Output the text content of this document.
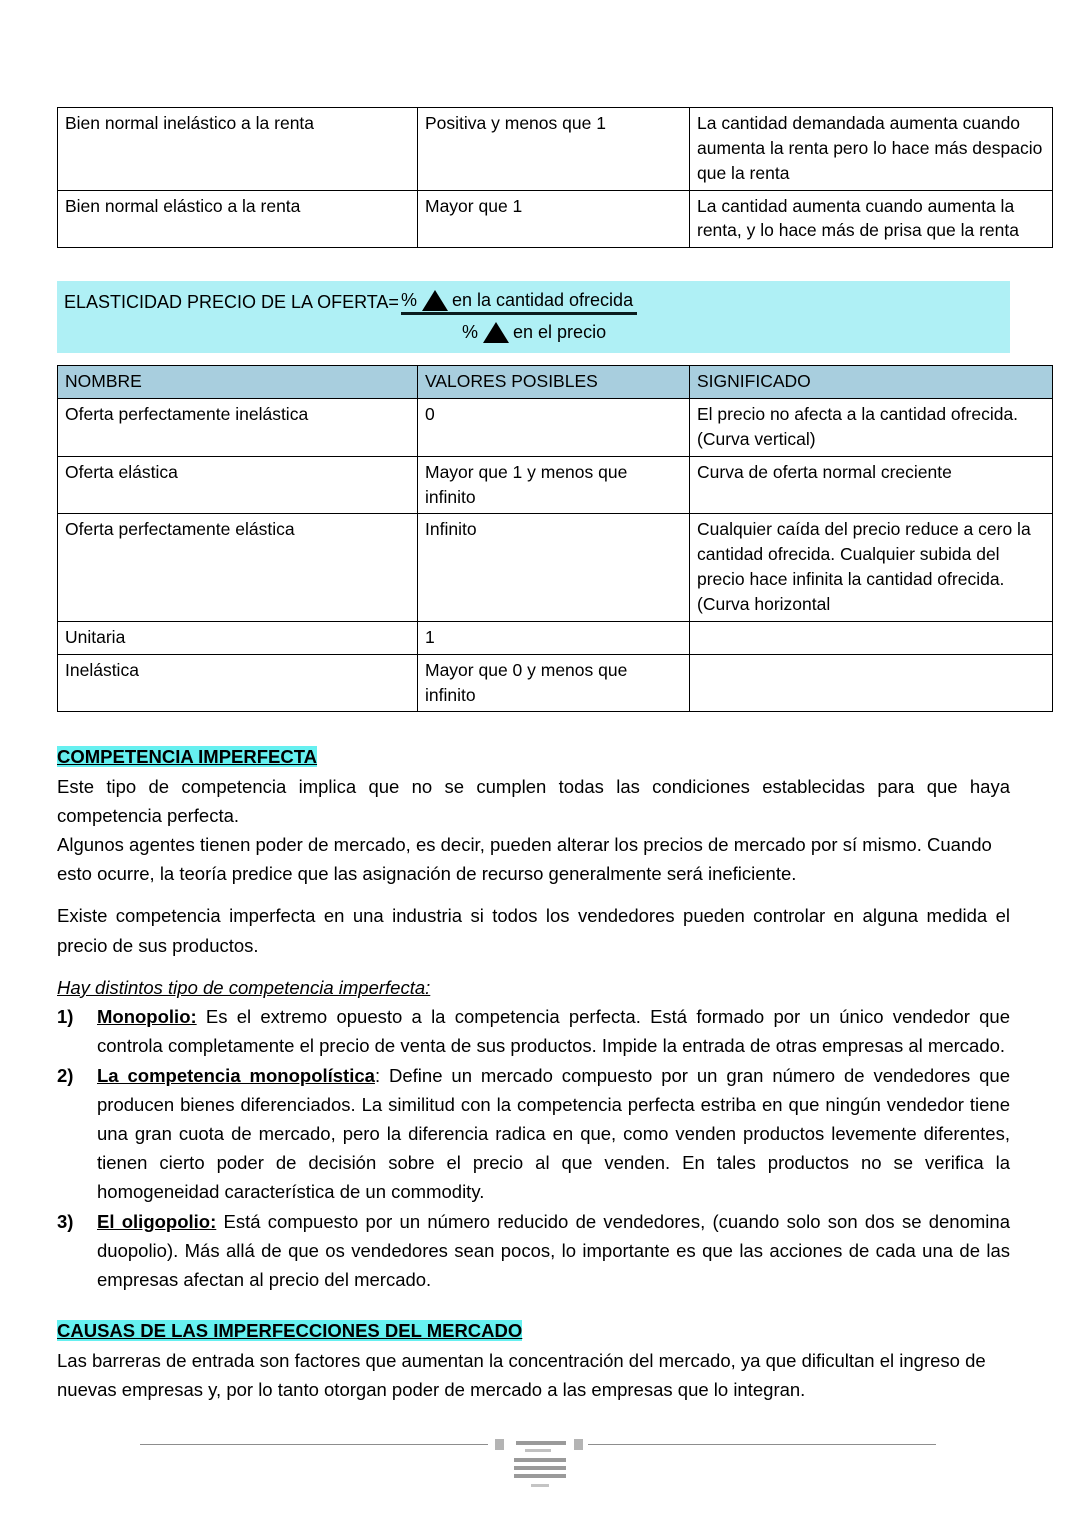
Bien normal inelástico a la renta	Positiva y menos que 1	La cantidad demandada aumenta cuando aumenta la renta pero lo hace más despacio que la renta
Bien normal elástico a la renta	Mayor que 1	La cantidad aumenta cuando aumenta la renta, y lo hace más de prisa que la renta
ELASTICIDAD PRECIO DE LA OFERTA= % en la cantidad ofrecida
% en el precio
NOMBRE	VALORES POSIBLES	SIGNIFICADO
Oferta perfectamente inelástica	0	El precio no afecta a la cantidad ofrecida. (Curva vertical)
Oferta elástica	Mayor que 1 y menos que infinito	Curva de oferta normal creciente
Oferta perfectamente elástica	Infinito	Cualquier caída del precio reduce a cero la cantidad ofrecida. Cualquier subida del precio hace infinita la cantidad ofrecida. (Curva horizontal
Unitaria	1	
Inelástica	Mayor que 0 y menos que infinito	
COMPETENCIA IMPERFECTA

Este tipo de competencia implica que no se cumplen todas las condiciones establecidas para que haya competencia perfecta.

Algunos agentes tienen poder de mercado, es decir, pueden alterar los precios de mercado por sí mismo. Cuando esto ocurre, la teoría predice que las asignación de recurso generalmente será ineficiente.

Existe competencia imperfecta en una industria si todos los vendedores pueden controlar en alguna medida el precio de sus productos.

Hay distintos tipo de competencia imperfecta:
1) Monopolio: Es el extremo opuesto a la competencia perfecta. Está formado por un único vendedor que controla completamente el precio de venta de sus productos. Impide la entrada de otras empresas al mercado.
2) La competencia monopolística: Define un mercado compuesto por un gran número de vendedores que producen bienes diferenciados. La similitud con la competencia perfecta estriba en que ningún vendedor tiene una gran cuota de mercado, pero la diferencia radica en que, como venden productos levemente diferentes, tienen cierto poder de decisión sobre el precio al que venden. En tales productos no se verifica la homogeneidad característica de un commodity.
3) El oligopolio: Está compuesto por un número reducido de vendedores, (cuando solo son dos se denomina duopolio). Más allá de que os vendedores sean pocos, lo importante es que las acciones de cada una de las empresas afectan al precio del mercado.
CAUSAS DE LAS IMPERFECCIONES DEL MERCADO

Las barreras de entrada son factores que aumentan la concentración del mercado, ya que dificultan el ingreso de nuevas empresas y, por lo tanto otorgan poder de mercado a las empresas que lo integran.
